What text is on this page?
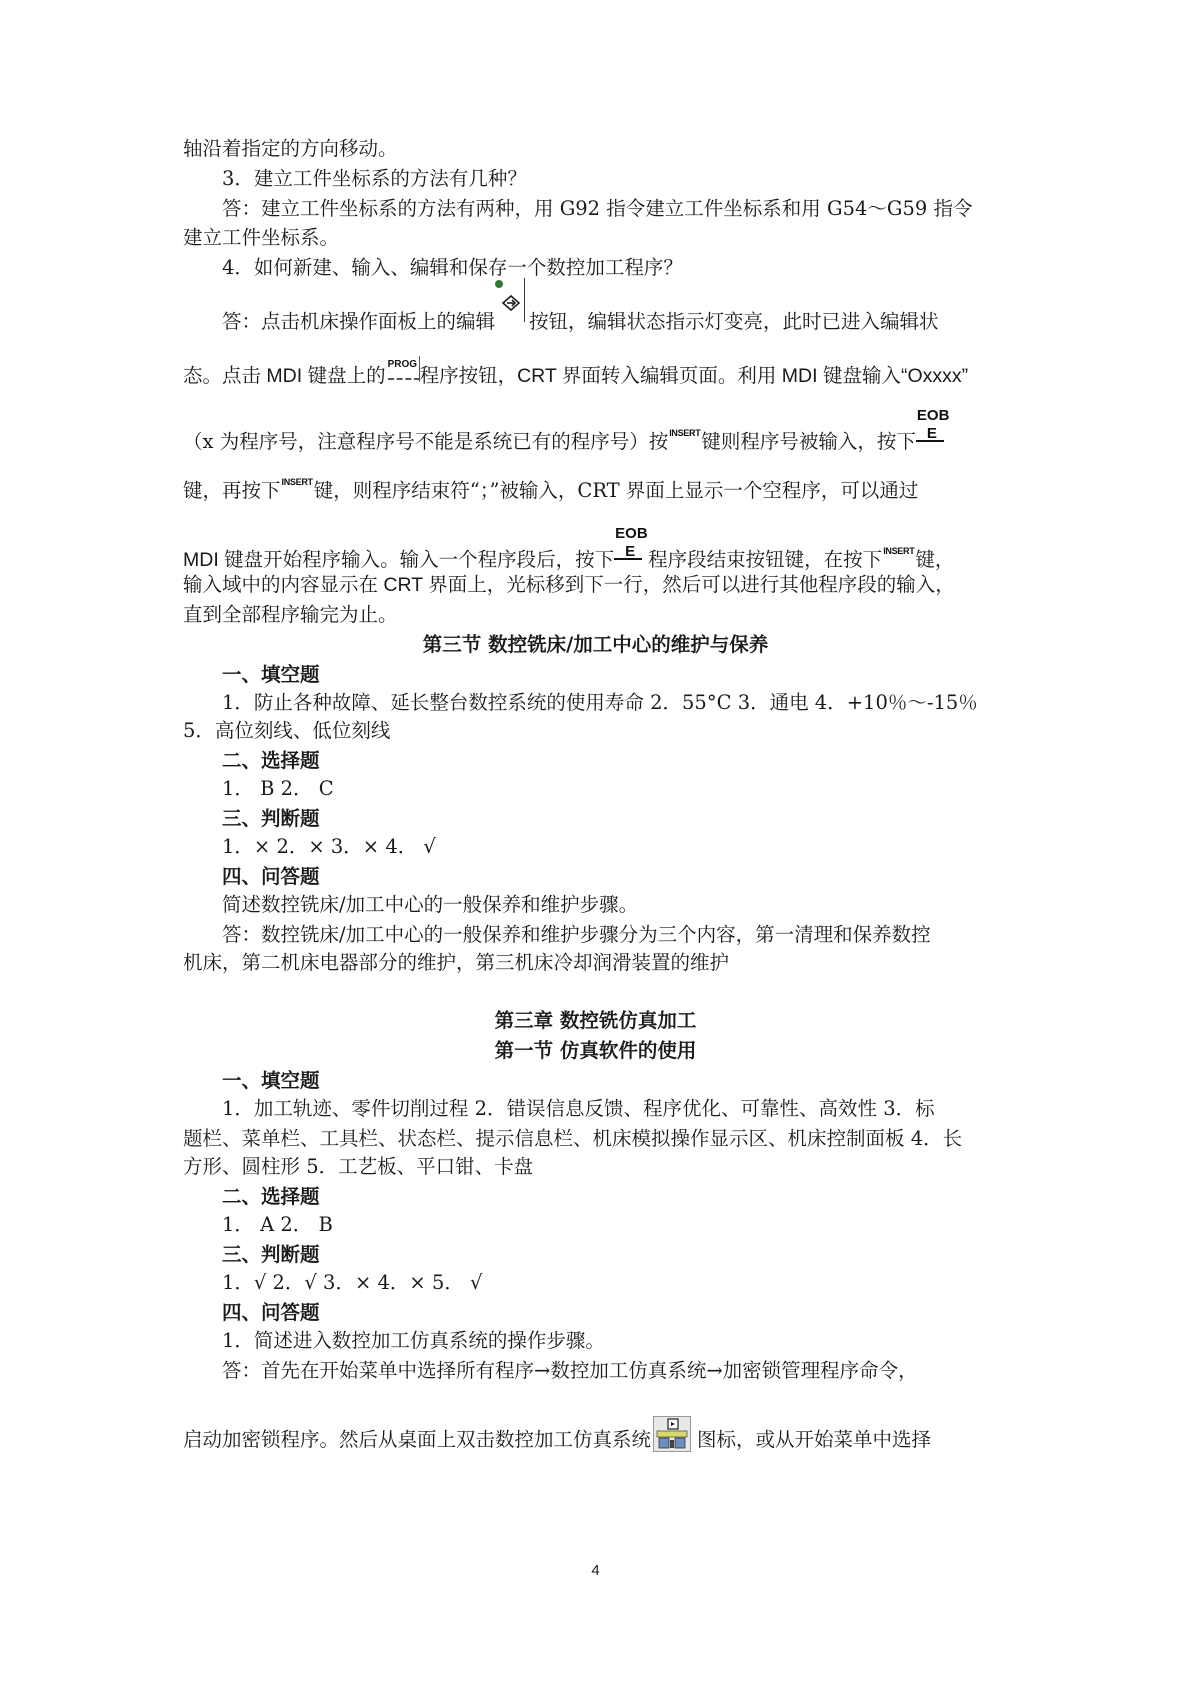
轴沿着指定的方向移动。
3．建立工件坐标系的方法有几种？
答：建立工件坐标系的方法有两种，用 G92 指令建立工件坐标系和用 G54～G59 指令
建立工件坐标系。
4．如何新建、输入、编辑和保存一个数控加工程序？
答：点击机床操作面板上的编辑 按钮，编辑状态指示灯变亮，此时已进入编辑状
态。点击 MDI 键盘上的
PROG
程序按钮，CRT 界面转入编辑页面。利用 MDI 键盘输入“Oxxxx”
（x 为程序号，注意程序号不能是系统已有的程序号）按INSERT键则程序号被输入，按下
EOB
E
键，再按下INSERT键，则程序结束符“；”被输入，CRT 界面上显示一个空程序，可以通过
MDI 键盘开始程序输入。输入一个程序段后，按下
EOB
E 程序段结束按钮键，在按下INSERT键，
输入域中的内容显示在 CRT 界面上，光标移到下一行，然后可以进行其他程序段的输入，
直到全部程序输完为止。
第三节 数控铣床/加工中心的维护与保养
一、填空题
1．防止各种故障、延长整台数控系统的使用寿命 2．55°C 3．通电 4．+10％～-15％
5．高位刻线、低位刻线
二、选择题
1． B 2． C
三、判断题
1．× 2．× 3．× 4． √
四、问答题
简述数控铣床/加工中心的一般保养和维护步骤。
答：数控铣床/加工中心的一般保养和维护步骤分为三个内容，第一清理和保养数控
机床，第二机床电器部分的维护，第三机床冷却润滑装置的维护
第三章 数控铣仿真加工
第一节 仿真软件的使用
一、填空题
1．加工轨迹、零件切削过程 2．错误信息反馈、程序优化、可靠性、高效性 3．标
题栏、菜单栏、工具栏、状态栏、提示信息栏、机床模拟操作显示区、机床控制面板 4．长
方形、圆柱形 5．工艺板、平口钳、卡盘
二、选择题
1． A 2． B
三、判断题
1．√ 2．√ 3．× 4．× 5． √
四、问答题
1．简述进入数控加工仿真系统的操作步骤。
答：首先在开始菜单中选择所有程序→数控加工仿真系统→加密锁管理程序命令，
启动加密锁程序。然后从桌面上双击数控加工仿真系统 图标，或从开始菜单中选择
4
